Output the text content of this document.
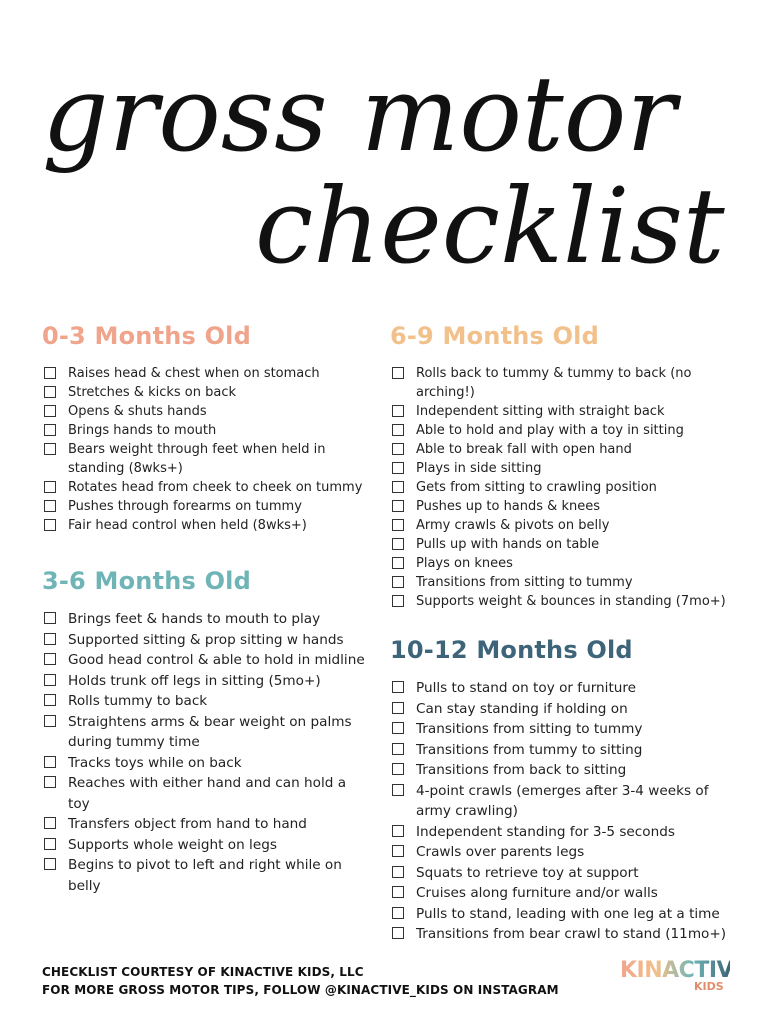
gross motor
checklist
0-3 Months Old
Raises head & chest when on stomach
Stretches & kicks on back
Opens & shuts hands
Brings hands to mouth
Bears weight through feet when held in standing (8wks+)
Rotates head from cheek to cheek on tummy
Pushes through forearms on tummy
Fair head control when held (8wks+)
3-6 Months Old
Brings feet & hands to mouth to play
Supported sitting & prop sitting w hands
Good head control & able to hold in midline
Holds trunk off legs in sitting (5mo+)
Rolls tummy to back
Straightens arms & bear weight on palms during tummy time
Tracks toys while on back
Reaches with either hand and can hold a toy
Transfers object from hand to hand
Supports whole weight on legs
Begins to pivot to left and right while on belly
6-9 Months Old
Rolls back to tummy & tummy to back (no arching!)
Independent sitting with straight back
Able to hold and play with a toy in sitting
Able to break fall with open hand
Plays in side sitting
Gets from sitting to crawling position
Pushes up to hands & knees
Army crawls & pivots on belly
Pulls up with hands on table
Plays on knees
Transitions from sitting to tummy
Supports weight & bounces in standing (7mo+)
10-12 Months Old
Pulls to stand on toy or furniture
Can stay standing if holding on
Transitions from sitting to tummy
Transitions from tummy to sitting
Transitions from back to sitting
4-point crawls (emerges after 3-4 weeks of army crawling)
Independent standing for 3-5 seconds
Crawls over parents legs
Squats to retrieve toy at support
Cruises along furniture and/or walls
Pulls to stand, leading with one leg at a time
Transitions from bear crawl to stand (11mo+)
CHECKLIST COURTESY OF KINACTIVE KIDS, LLC
FOR MORE GROSS MOTOR TIPS, FOLLOW @KINACTIVE_KIDS ON INSTAGRAM
KINACTIVE
KIDS
